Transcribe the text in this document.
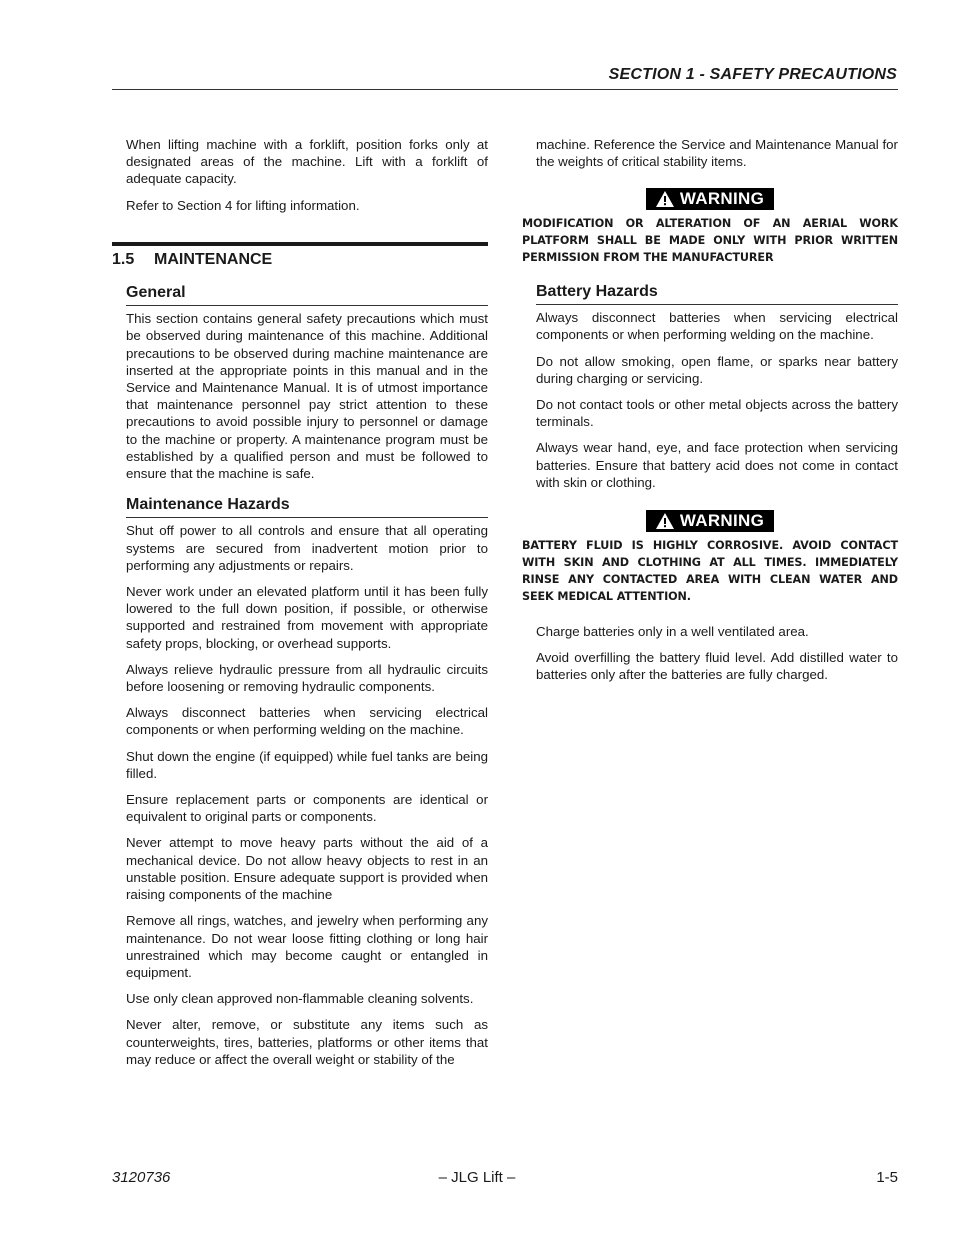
SECTION 1 - SAFETY PRECAUTIONS

When lifting machine with a forklift, position forks only at designated areas of the machine. Lift with a forklift of adequate capacity.

Refer to Section 4 for lifting information.

1.5 MAINTENANCE
General

This section contains general safety precautions which must be observed during maintenance of this machine. Additional precautions to be observed during machine maintenance are inserted at the appropriate points in this manual and in the Service and Maintenance Manual. It is of utmost importance that maintenance personnel pay strict attention to these precautions to avoid possible injury to personnel or damage to the machine or property. A maintenance program must be established by a qualified person and must be followed to ensure that the machine is safe.

Maintenance Hazards

Shut off power to all controls and ensure that all operating systems are secured from inadvertent motion prior to performing any adjustments or repairs.

Never work under an elevated platform until it has been fully lowered to the full down position, if possible, or otherwise supported and restrained from movement with appropriate safety props, blocking, or overhead supports.

Always relieve hydraulic pressure from all hydraulic circuits before loosening or removing hydraulic components.

Always disconnect batteries when servicing electrical components or when performing welding on the machine.

Shut down the engine (if equipped) while fuel tanks are being filled.

Ensure replacement parts or components are identical or equivalent to original parts or components.

Never attempt to move heavy parts without the aid of a mechanical device. Do not allow heavy objects to rest in an unstable position. Ensure adequate support is provided when raising components of the machine

Remove all rings, watches, and jewelry when performing any maintenance. Do not wear loose fitting clothing or long hair unrestrained which may become caught or entangled in equipment.

Use only clean approved non-flammable cleaning solvents.

Never alter, remove, or substitute any items such as counterweights, tires, batteries, platforms or other items that may reduce or affect the overall weight or stability of the

machine. Reference the Service and Maintenance Manual for the weights of critical stability items.

WARNING
MODIFICATION OR ALTERATION OF AN AERIAL WORK PLATFORM SHALL BE MADE ONLY WITH PRIOR WRITTEN PERMISSION FROM THE MANUFACTURER
Battery Hazards

Always disconnect batteries when servicing electrical components or when performing welding on the machine.

Do not allow smoking, open flame, or sparks near battery during charging or servicing.

Do not contact tools or other metal objects across the battery terminals.

Always wear hand, eye, and face protection when servicing batteries. Ensure that battery acid does not come in contact with skin or clothing.

WARNING
BATTERY FLUID IS HIGHLY CORROSIVE. AVOID CONTACT WITH SKIN AND CLOTHING AT ALL TIMES. IMMEDIATELY RINSE ANY CONTACTED AREA WITH CLEAN WATER AND SEEK MEDICAL ATTENTION.

Charge batteries only in a well ventilated area.

Avoid overfilling the battery fluid level. Add distilled water to batteries only after the batteries are fully charged.

3120736	– JLG Lift –	1-5
